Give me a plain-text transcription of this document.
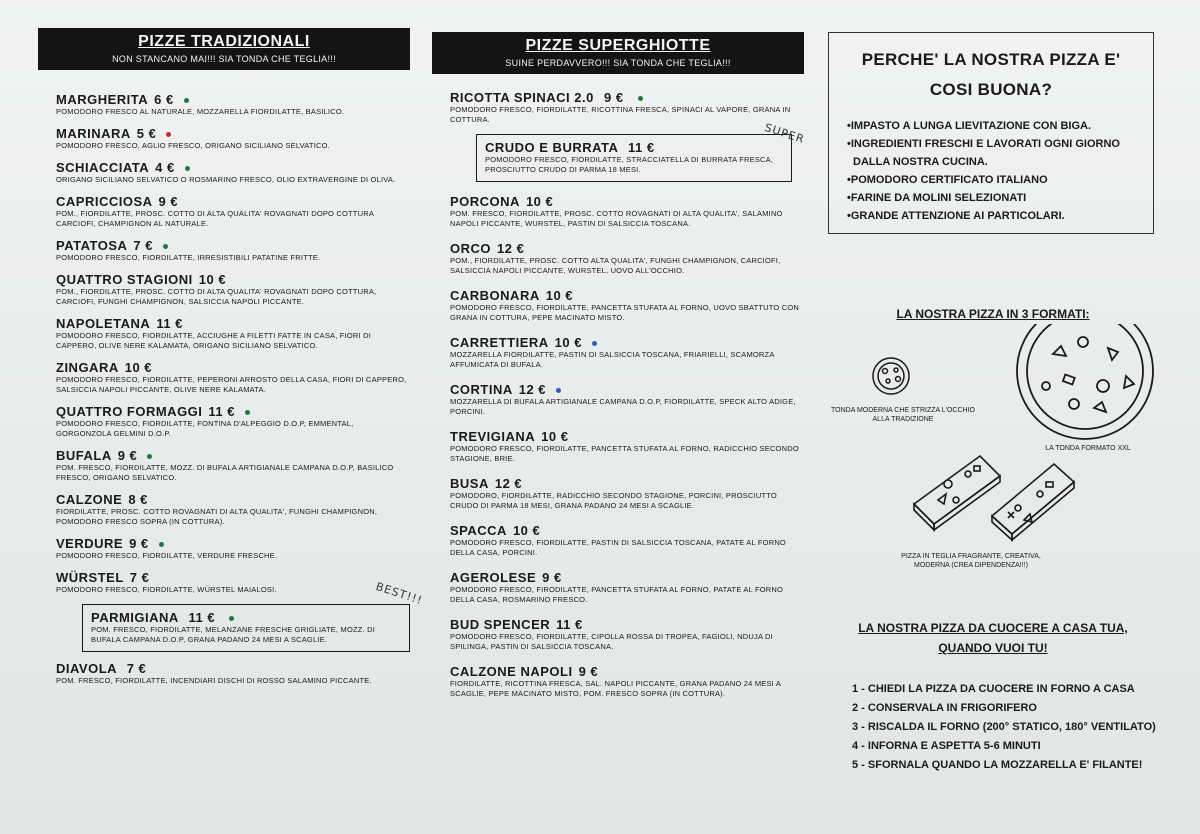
PIZZE TRADIZIONALI
NON STANCANO MAI!!! SIA TONDA CHE TEGLIA!!!
MARGHERITA 6 €
POMODORO FRESCO AL NATURALE, MOZZARELLA FIORDILATTE, BASILICO.
MARINARA 5 €
POMODORO FRESCO, AGLIO FRESCO, ORIGANO SICILIANO SELVATICO.
SCHIACCIATA 4 €
ORIGANO SICILIANO SELVATICO O ROSMARINO FRESCO, OLIO EXTRAVERGINE DI OLIVA.
CAPRICCIOSA 9 €
POM., FIORDILATTE, PROSC. COTTO DI ALTA QUALITA' ROVAGNATI DOPO COTTURA CARCIOFI, CHAMPIGNON AL NATURALE.
PATATOSA 7 €
POMODORO FRESCO, FIORDILATTE, IRRESISTIBILI PATATINE FRITTE.
QUATTRO STAGIONI 10 €
POM., FIORDILATTE, PROSC. COTTO DI ALTA QUALITA' ROVAGNATI DOPO COTTURA, CARCIOFI, FUNGHI CHAMPIGNON, SALSICCIA NAPOLI PICCANTE.
NAPOLETANA 11 €
POMODORO FRESCO, FIORDILATTE, ACCIUGHE A FILETTI FATTE IN CASA, FIORI DI CAPPERO, OLIVE NERE KALAMATA, ORIGANO SICILIANO SELVATICO.
ZINGARA 10 €
POMODORO FRESCO, FIORDILATTE, PEPERONI ARROSTO DELLA CASA, FIORI DI CAPPERO, SALSICCIA NAPOLI PICCANTE, OLIVE NERE KALAMATA.
QUATTRO FORMAGGI 11 €
POMODORO FRESCO, FIORDILATTE, FONTINA D'ALPEGGIO D.O.P, EMMENTAL, GORGONZOLA GELMINI D.O.P.
BUFALA 9 €
POM. FRESCO, FIORDILATTE, MOZZ. DI BUFALA ARTIGIANALE CAMPANA D.O.P, BASILICO FRESCO, ORIGANO SELVATICO.
CALZONE 8 €
FIORDILATTE, PROSC. COTTO ROVAGNATI DI ALTA QUALITA', FUNGHI CHAMPIGNON, POMODORO FRESCO SOPRA (IN COTTURA).
VERDURE 9 €
POMODORO FRESCO, FIORDILATTE, VERDURE FRESCHE.
WÜRSTEL 7 €
POMODORO FRESCO, FIORDILATTE, WÜRSTEL MAIALOSI.
PARMIGIANA 11 €
POM. FRESCO, FIORDILATTE, MELANZANE FRESCHE GRIGLIATE, MOZZ. DI BUFALA CAMPANA D.O.P, GRANA PADANO 24 MESI A SCAGLIE.
BEST!!!
DIAVOLA 7 €
POM. FRESCO, FIORDILATTE, INCENDIARI DISCHI DI ROSSO SALAMINO PICCANTE.
PIZZE SUPERGHIOTTE
SUINE PERDAVVERO!!! SIA TONDA CHE TEGLIA!!!
RICOTTA SPINACI 2.0 9 €
POMODORO FRESCO, FIORDILATTE, RICOTTINA FRESCA, SPINACI AL VAPORE, GRANA IN COTTURA.
CRUDO E BURRATA 11 €
POMODORO FRESCO, FIORDILATTE, STRACCIATELLA DI BURRATA FRESCA, PROSCIUTTO CRUDO DI PARMA 18 MESI.
SUPER
PORCONA 10 €
POM. FRESCO, FIORDILATTE, PROSC. COTTO ROVAGNATI DI ALTA QUALITA', SALAMINO NAPOLI PICCANTE, WURSTEL, PASTIN DI SALSICCIA TOSCANA.
ORCO 12 €
POM., FIORDILATTE, PROSC. COTTO ALTA QUALITA', FUNGHI CHAMPIGNON, CARCIOFI, SALSICCIA NAPOLI PICCANTE, WURSTEL, UOVO ALL'OCCHIO.
CARBONARA 10 €
POMODORO FRESCO, FIORDILATTE, PANCETTA STUFATA AL FORNO, UOVO SBATTUTO CON GRANA IN COTTURA, PEPE MACINATO MISTO.
CARRETTIERA 10 €
MOZZARELLA FIORDILATTE, PASTIN DI SALSICCIA TOSCANA, FRIARIELLI, SCAMORZA AFFUMICATA DI BUFALA.
CORTINA 12 €
MOZZARELLA DI BUFALA ARTIGIANALE CAMPANA D.O.P, FIORDILATTE, SPECK ALTO ADIGE, PORCINI.
TREVIGIANA 10 €
POMODORO FRESCO, FIORDILATTE, PANCETTA STUFATA AL FORNO, RADICCHIO SECONDO STAGIONE, BRIE.
BUSA 12 €
POMODORO, FIORDILATTE, RADICCHIO SECONDO STAGIONE, PORCINI, PROSCIUTTO CRUDO DI PARMA 18 MESI, GRANA PADANO 24 MESI A SCAGLIE.
SPACCA 10 €
POMODORO FRESCO, FIORDILATTE, PASTIN DI SALSICCIA TOSCANA, PATATE AL FORNO DELLA CASA, PORCINI.
AGEROLESE 9 €
POMODORO FRESCO, FIRODILATTE, PANCETTA STUFATA AL FORNO, PATATE AL FORNO DELLA CASA, ROSMARINO FRESCO.
BUD SPENCER 11 €
POMODORO FRESCO, FIORDILATTE, CIPOLLA ROSSA DI TROPEA, FAGIOLI, NDUJA DI SPILINGA, PASTIN DI SALSICCIA TOSCANA.
CALZONE NAPOLI 9 €
FIORDILATTE, RICOTTINA FRESCA, SAL. NAPOLI PICCANTE, GRANA PADANO 24 MESI A SCAGLIE, PEPE MACINATO MISTO, POM. FRESCO SOPRA (IN COTTURA).
PERCHE' LA NOSTRA PIZZA E'
COSI BUONA?
•IMPASTO A LUNGA LIEVITAZIONE CON BIGA.
•INGREDIENTI FRESCHI E LAVORATI OGNI GIORNO
DALLA NOSTRA CUCINA.
•POMODORO CERTIFICATO ITALIANO
•FARINE DA MOLINI SELEZIONATI
•GRANDE ATTENZIONE AI PARTICOLARI.
LA NOSTRA PIZZA IN 3 FORMATI:
TONDA MODERNA CHE STRIZZA L'OCCHIO ALLA TRADIZIONE
LA TONDA FORMATO XXL
PIZZA IN TEGLIA FRAGRANTE, CREATIVA, MODERNA (CREA DIPENDENZA!!!)
LA NOSTRA PIZZA DA CUOCERE A CASA TUA,
QUANDO VUOI TU!
1 - CHIEDI LA PIZZA DA CUOCERE IN FORNO A CASA
2 - CONSERVALA IN FRIGORIFERO
3 - RISCALDA IL FORNO (200° STATICO, 180° VENTILATO)
4 - INFORNA E ASPETTA 5-6 MINUTI
5 - SFORNALA QUANDO LA MOZZARELLA E' FILANTE!
